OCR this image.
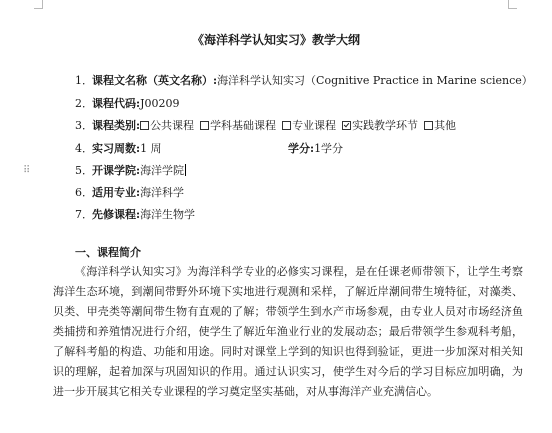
⠿
《海洋科学认知实习》教学大纲
1．课程文名称（英文名称）:海洋科学认知实习（Cognitive Practice in Marine science）
2．课程代码:J00209
3．课程类别: 公共课程 学科基础课程 专业课程 实践教学环节 其他
4．实习周数:1 周	学分:1学分
5．开课学院:海洋学院
6．适用专业:海洋科学
7．先修课程:海洋生物学
一、课程简介

《海洋科学认知实习》为海洋科学专业的必修实习课程，是在任课老师带领下，让学生考察海洋生态环境，到潮间带野外环境下实地进行观测和采样，了解近岸潮间带生境特征，对藻类、贝类、甲壳类等潮间带生物有直观的了解；带领学生到水产市场参观，由专业人员对市场经济鱼类捕捞和养殖情况进行介绍，使学生了解近年渔业行业的发展动态；最后带领学生参观科考船，了解科考船的构造、功能和用途。同时对课堂上学到的知识也得到验证，更进一步加深对相关知识的理解，起着加深与巩固知识的作用。通过认识实习，使学生对今后的学习目标应加明确，为进一步开展其它相关专业课程的学习奠定坚实基础，对从事海洋产业充满信心。
